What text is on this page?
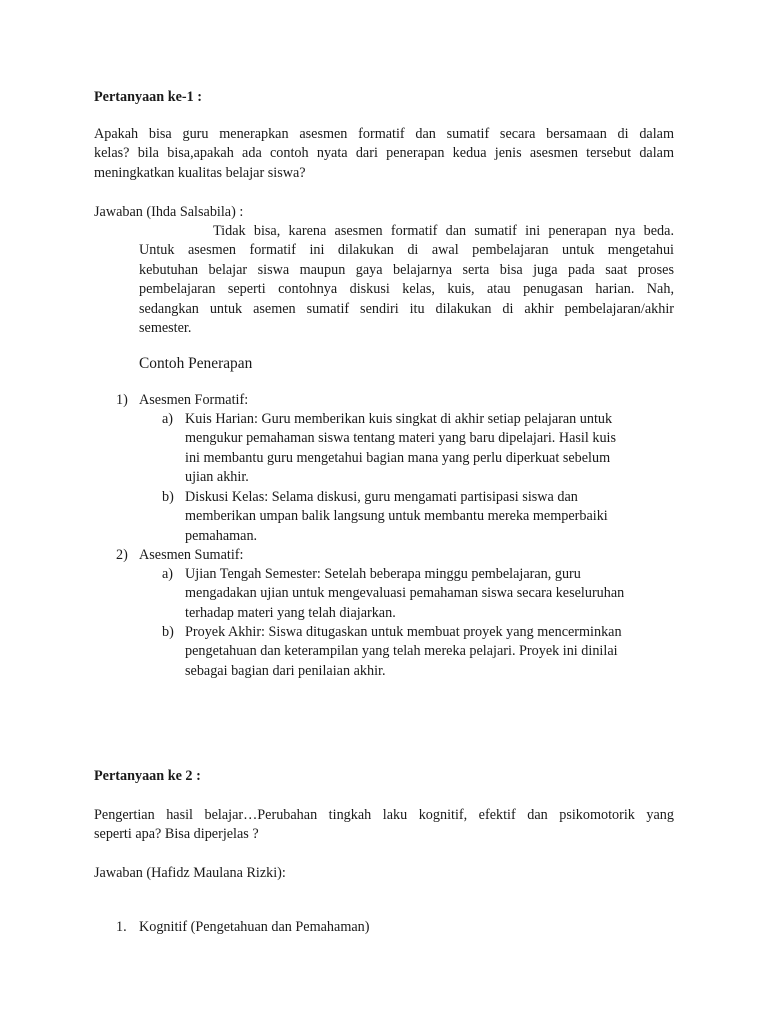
Pertanyaan ke-1 :

Apakah bisa guru menerapkan asesmen formatif dan sumatif secara bersamaan di dalam

kelas? bila bisa,apakah ada contoh nyata dari penerapan kedua jenis asesmen tersebut dalam

meningkatkan kualitas belajar siswa?

Jawaban (Ihda Salsabila) :

Tidak bisa, karena asesmen formatif dan sumatif ini penerapan nya beda.

Untuk asesmen formatif ini dilakukan di awal pembelajaran untuk mengetahui

kebutuhan belajar siswa maupun gaya belajarnya serta bisa juga pada saat proses

pembelajaran seperti contohnya diskusi kelas, kuis, atau penugasan harian. Nah,

sedangkan untuk asemen sumatif sendiri itu dilakukan di akhir pembelajaran/akhir

semester.

Contoh Penerapan
1) Asesmen Formatif:
a) Kuis Harian: Guru memberikan kuis singkat di akhir setiap pelajaran untuk

mengukur pemahaman siswa tentang materi yang baru dipelajari. Hasil kuis

ini membantu guru mengetahui bagian mana yang perlu diperkuat sebelum

ujian akhir.

b) Diskusi Kelas: Selama diskusi, guru mengamati partisipasi siswa dan

memberikan umpan balik langsung untuk membantu mereka memperbaiki

pemahaman.

2) Asesmen Sumatif:
a) Ujian Tengah Semester: Setelah beberapa minggu pembelajaran, guru

mengadakan ujian untuk mengevaluasi pemahaman siswa secara keseluruhan

terhadap materi yang telah diajarkan.

b) Proyek Akhir: Siswa ditugaskan untuk membuat proyek yang mencerminkan

pengetahuan dan keterampilan yang telah mereka pelajari. Proyek ini dinilai

sebagai bagian dari penilaian akhir.

Pertanyaan ke 2 :

Pengertian hasil belajar…Perubahan tingkah laku kognitif, efektif dan psikomotorik yang

seperti apa? Bisa diperjelas ?

Jawaban (Hafidz Maulana Rizki):
1. Kognitif (Pengetahuan dan Pemahaman)
